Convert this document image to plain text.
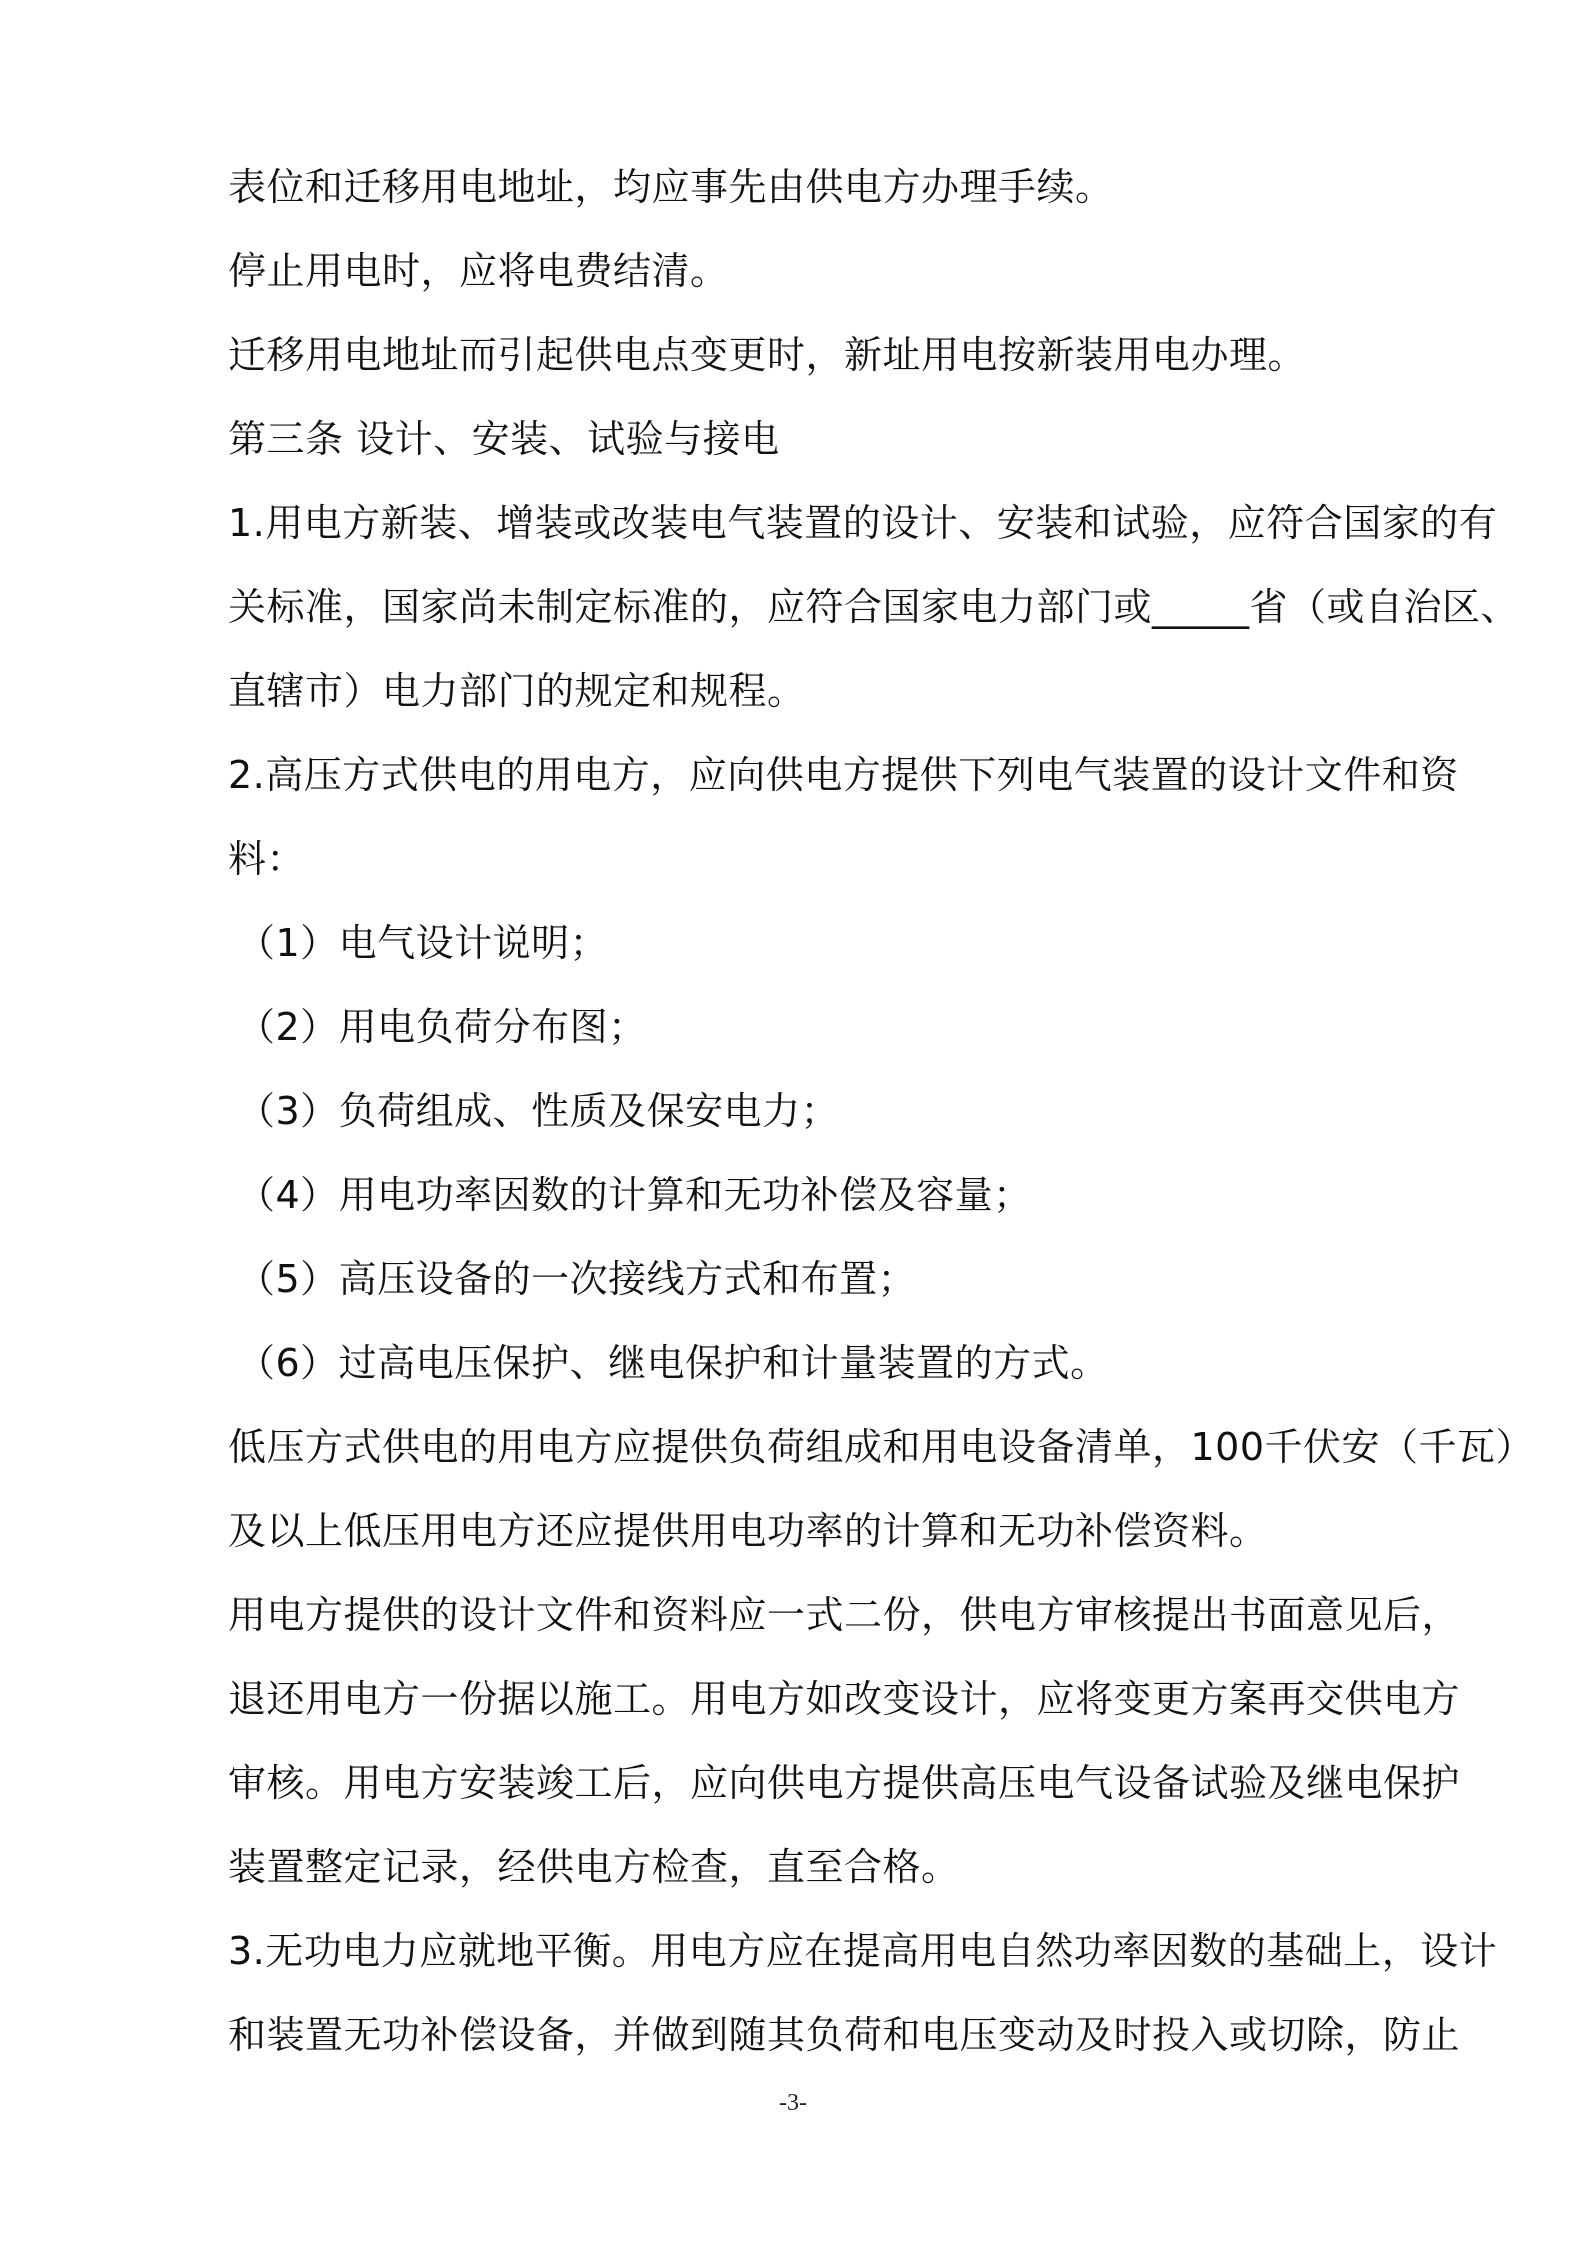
表位和迁移用电地址，均应事先由供电方办理手续。
停止用电时，应将电费结清。
迁移用电地址而引起供电点变更时，新址用电按新装用电办理。
第三条 设计、安装、试验与接电
1.用电方新装、增装或改装电气装置的设计、安装和试验，应符合国家的有
关标准，国家尚未制定标准的，应符合国家电力部门或_____省（或自治区、
直辖市）电力部门的规定和规程。
2.高压方式供电的用电方，应向供电方提供下列电气装置的设计文件和资
料：
（1）电气设计说明；
（2）用电负荷分布图；
（3）负荷组成、性质及保安电力；
（4）用电功率因数的计算和无功补偿及容量；
（5）高压设备的一次接线方式和布置；
（6）过高电压保护、继电保护和计量装置的方式。
低压方式供电的用电方应提供负荷组成和用电设备清单，100千伏安（千瓦）
及以上低压用电方还应提供用电功率的计算和无功补偿资料。
用电方提供的设计文件和资料应一式二份，供电方审核提出书面意见后，
退还用电方一份据以施工。用电方如改变设计，应将变更方案再交供电方
审核。用电方安装竣工后，应向供电方提供高压电气设备试验及继电保护
装置整定记录，经供电方检查，直至合格。
3.无功电力应就地平衡。用电方应在提高用电自然功率因数的基础上，设计
和装置无功补偿设备，并做到随其负荷和电压变动及时投入或切除，防止
-3-
